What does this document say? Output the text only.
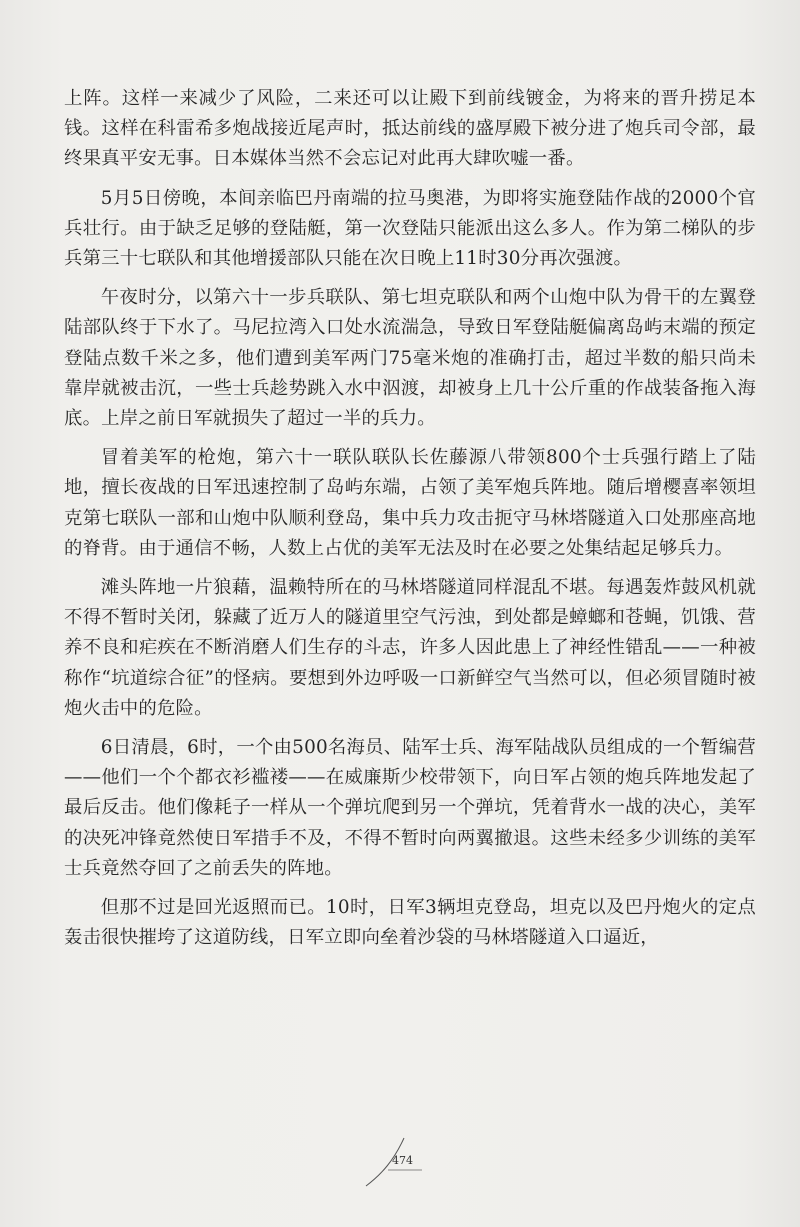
上阵。这样一来减少了风险，二来还可以让殿下到前线镀金，为将来的晋升捞足本钱。这样在科雷希多炮战接近尾声时，抵达前线的盛厚殿下被分进了炮兵司令部，最终果真平安无事。日本媒体当然不会忘记对此再大肆吹嘘一番。

5月5日傍晚，本间亲临巴丹南端的拉马奥港，为即将实施登陆作战的2000个官兵壮行。由于缺乏足够的登陆艇，第一次登陆只能派出这么多人。作为第二梯队的步兵第三十七联队和其他增援部队只能在次日晚上11时30分再次强渡。

午夜时分，以第六十一步兵联队、第七坦克联队和两个山炮中队为骨干的左翼登陆部队终于下水了。马尼拉湾入口处水流湍急，导致日军登陆艇偏离岛屿末端的预定登陆点数千米之多，他们遭到美军两门75毫米炮的准确打击，超过半数的船只尚未靠岸就被击沉，一些士兵趁势跳入水中泅渡，却被身上几十公斤重的作战装备拖入海底。上岸之前日军就损失了超过一半的兵力。

冒着美军的枪炮，第六十一联队联队长佐藤源八带领800个士兵强行踏上了陆地，擅长夜战的日军迅速控制了岛屿东端，占领了美军炮兵阵地。随后增樱喜率领坦克第七联队一部和山炮中队顺利登岛，集中兵力攻击扼守马林塔隧道入口处那座高地的脊背。由于通信不畅，人数上占优的美军无法及时在必要之处集结起足够兵力。

滩头阵地一片狼藉，温赖特所在的马林塔隧道同样混乱不堪。每遇轰炸鼓风机就不得不暂时关闭，躲藏了近万人的隧道里空气污浊，到处都是蟑螂和苍蝇，饥饿、营养不良和疟疾在不断消磨人们生存的斗志，许多人因此患上了神经性错乱——一种被称作“坑道综合征”的怪病。要想到外边呼吸一口新鲜空气当然可以，但必须冒随时被炮火击中的危险。

6日清晨，6时，一个由500名海员、陆军士兵、海军陆战队员组成的一个暂编营——他们一个个都衣衫褴褛——在威廉斯少校带领下，向日军占领的炮兵阵地发起了最后反击。他们像耗子一样从一个弹坑爬到另一个弹坑，凭着背水一战的决心，美军的决死冲锋竟然使日军措手不及，不得不暂时向两翼撤退。这些未经多少训练的美军士兵竟然夺回了之前丢失的阵地。

但那不过是回光返照而已。10时，日军3辆坦克登岛，坦克以及巴丹炮火的定点轰击很快摧垮了这道防线，日军立即向垒着沙袋的马林塔隧道入口逼近，

474
